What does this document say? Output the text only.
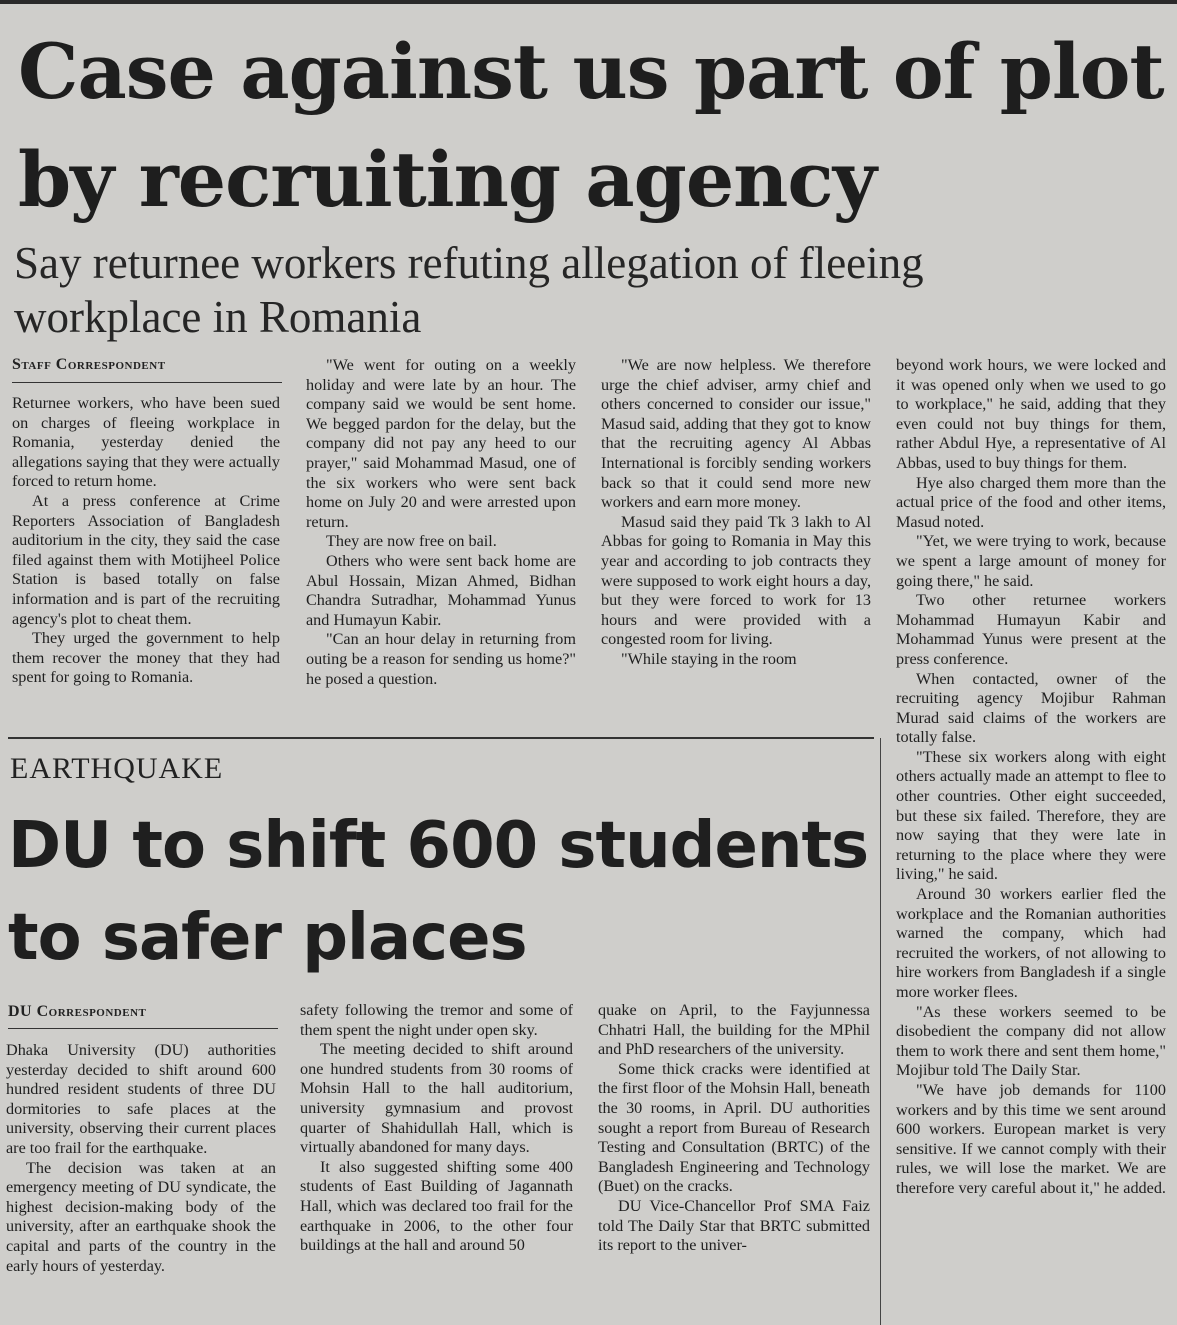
Case against us part of plot
by recruiting agency
Say returnee workers refuting allegation of fleeing
workplace in Romania
Staff Correspondent

Returnee workers, who have been sued on charges of fleeing workplace in Romania, yesterday denied the allegations saying that they were actually forced to return home.

At a press conference at Crime Reporters Association of Bangladesh auditorium in the city, they said the case filed against them with Motijheel Police Station is based totally on false information and is part of the recruiting agency's plot to cheat them.

They urged the government to help them recover the money that they had spent for going to Romania.

"We went for outing on a weekly holiday and were late by an hour. The company said we would be sent home. We begged pardon for the delay, but the company did not pay any heed to our prayer," said Mohammad Masud, one of the six workers who were sent back home on July 20 and were arrested upon return.

They are now free on bail.

Others who were sent back home are Abul Hossain, Mizan Ahmed, Bidhan Chandra Sutradhar, Mohammad Yunus and Humayun Kabir.

"Can an hour delay in returning from outing be a reason for sending us home?" he posed a question.

"We are now helpless. We therefore urge the chief adviser, army chief and others concerned to consider our issue," Masud said, adding that they got to know that the recruiting agency Al Abbas International is forcibly sending workers back so that it could send more new workers and earn more money.

Masud said they paid Tk 3 lakh to Al Abbas for going to Romania in May this year and according to job contracts they were supposed to work eight hours a day, but they were forced to work for 13 hours and were provided with a congested room for living.

"While staying in the room

beyond work hours, we were locked and it was opened only when we used to go to workplace," he said, adding that they even could not buy things for them, rather Abdul Hye, a representative of Al Abbas, used to buy things for them.

Hye also charged them more than the actual price of the food and other items, Masud noted.

"Yet, we were trying to work, because we spent a large amount of money for going there," he said.

Two other returnee workers Mohammad Humayun Kabir and Mohammad Yunus were present at the press conference.

When contacted, owner of the recruiting agency Mojibur Rahman Murad said claims of the workers are totally false.

"These six workers along with eight others actually made an attempt to flee to other countries. Other eight succeeded, but these six failed. Therefore, they are now saying that they were late in returning to the place where they were living," he said.

Around 30 workers earlier fled the workplace and the Romanian authorities warned the company, which had recruited the workers, of not allowing to hire workers from Bangladesh if a single more worker flees.

"As these workers seemed to be disobedient the company did not allow them to work there and sent them home," Mojibur told The Daily Star.

"We have job demands for 1100 workers and by this time we sent around 600 workers. European market is very sensitive. If we cannot comply with their rules, we will lose the market. We are therefore very careful about it," he added.

EARTHQUAKE
DU to shift 600 students
to safer places
DU Correspondent

Dhaka University (DU) authorities yesterday decided to shift around 600 hundred resident students of three DU dormitories to safe places at the university, observing their current places are too frail for the earthquake.

The decision was taken at an emergency meeting of DU syndicate, the highest decision-making body of the university, after an earthquake shook the capital and parts of the country in the early hours of yesterday.

safety following the tremor and some of them spent the night under open sky.

The meeting decided to shift around one hundred students from 30 rooms of Mohsin Hall to the hall auditorium, university gymnasium and provost quarter of Shahidullah Hall, which is virtually abandoned for many days.

It also suggested shifting some 400 students of East Building of Jagannath Hall, which was declared too frail for the earthquake in 2006, to the other four buildings at the hall and around 50

quake on April, to the Fayjunnessa Chhatri Hall, the building for the MPhil and PhD researchers of the university.

Some thick cracks were identified at the first floor of the Mohsin Hall, beneath the 30 rooms, in April. DU authorities sought a report from Bureau of Research Testing and Consultation (BRTC) of the Bangladesh Engineering and Technology (Buet) on the cracks.

DU Vice-Chancellor Prof SMA Faiz told The Daily Star that BRTC submitted its report to the univer-
